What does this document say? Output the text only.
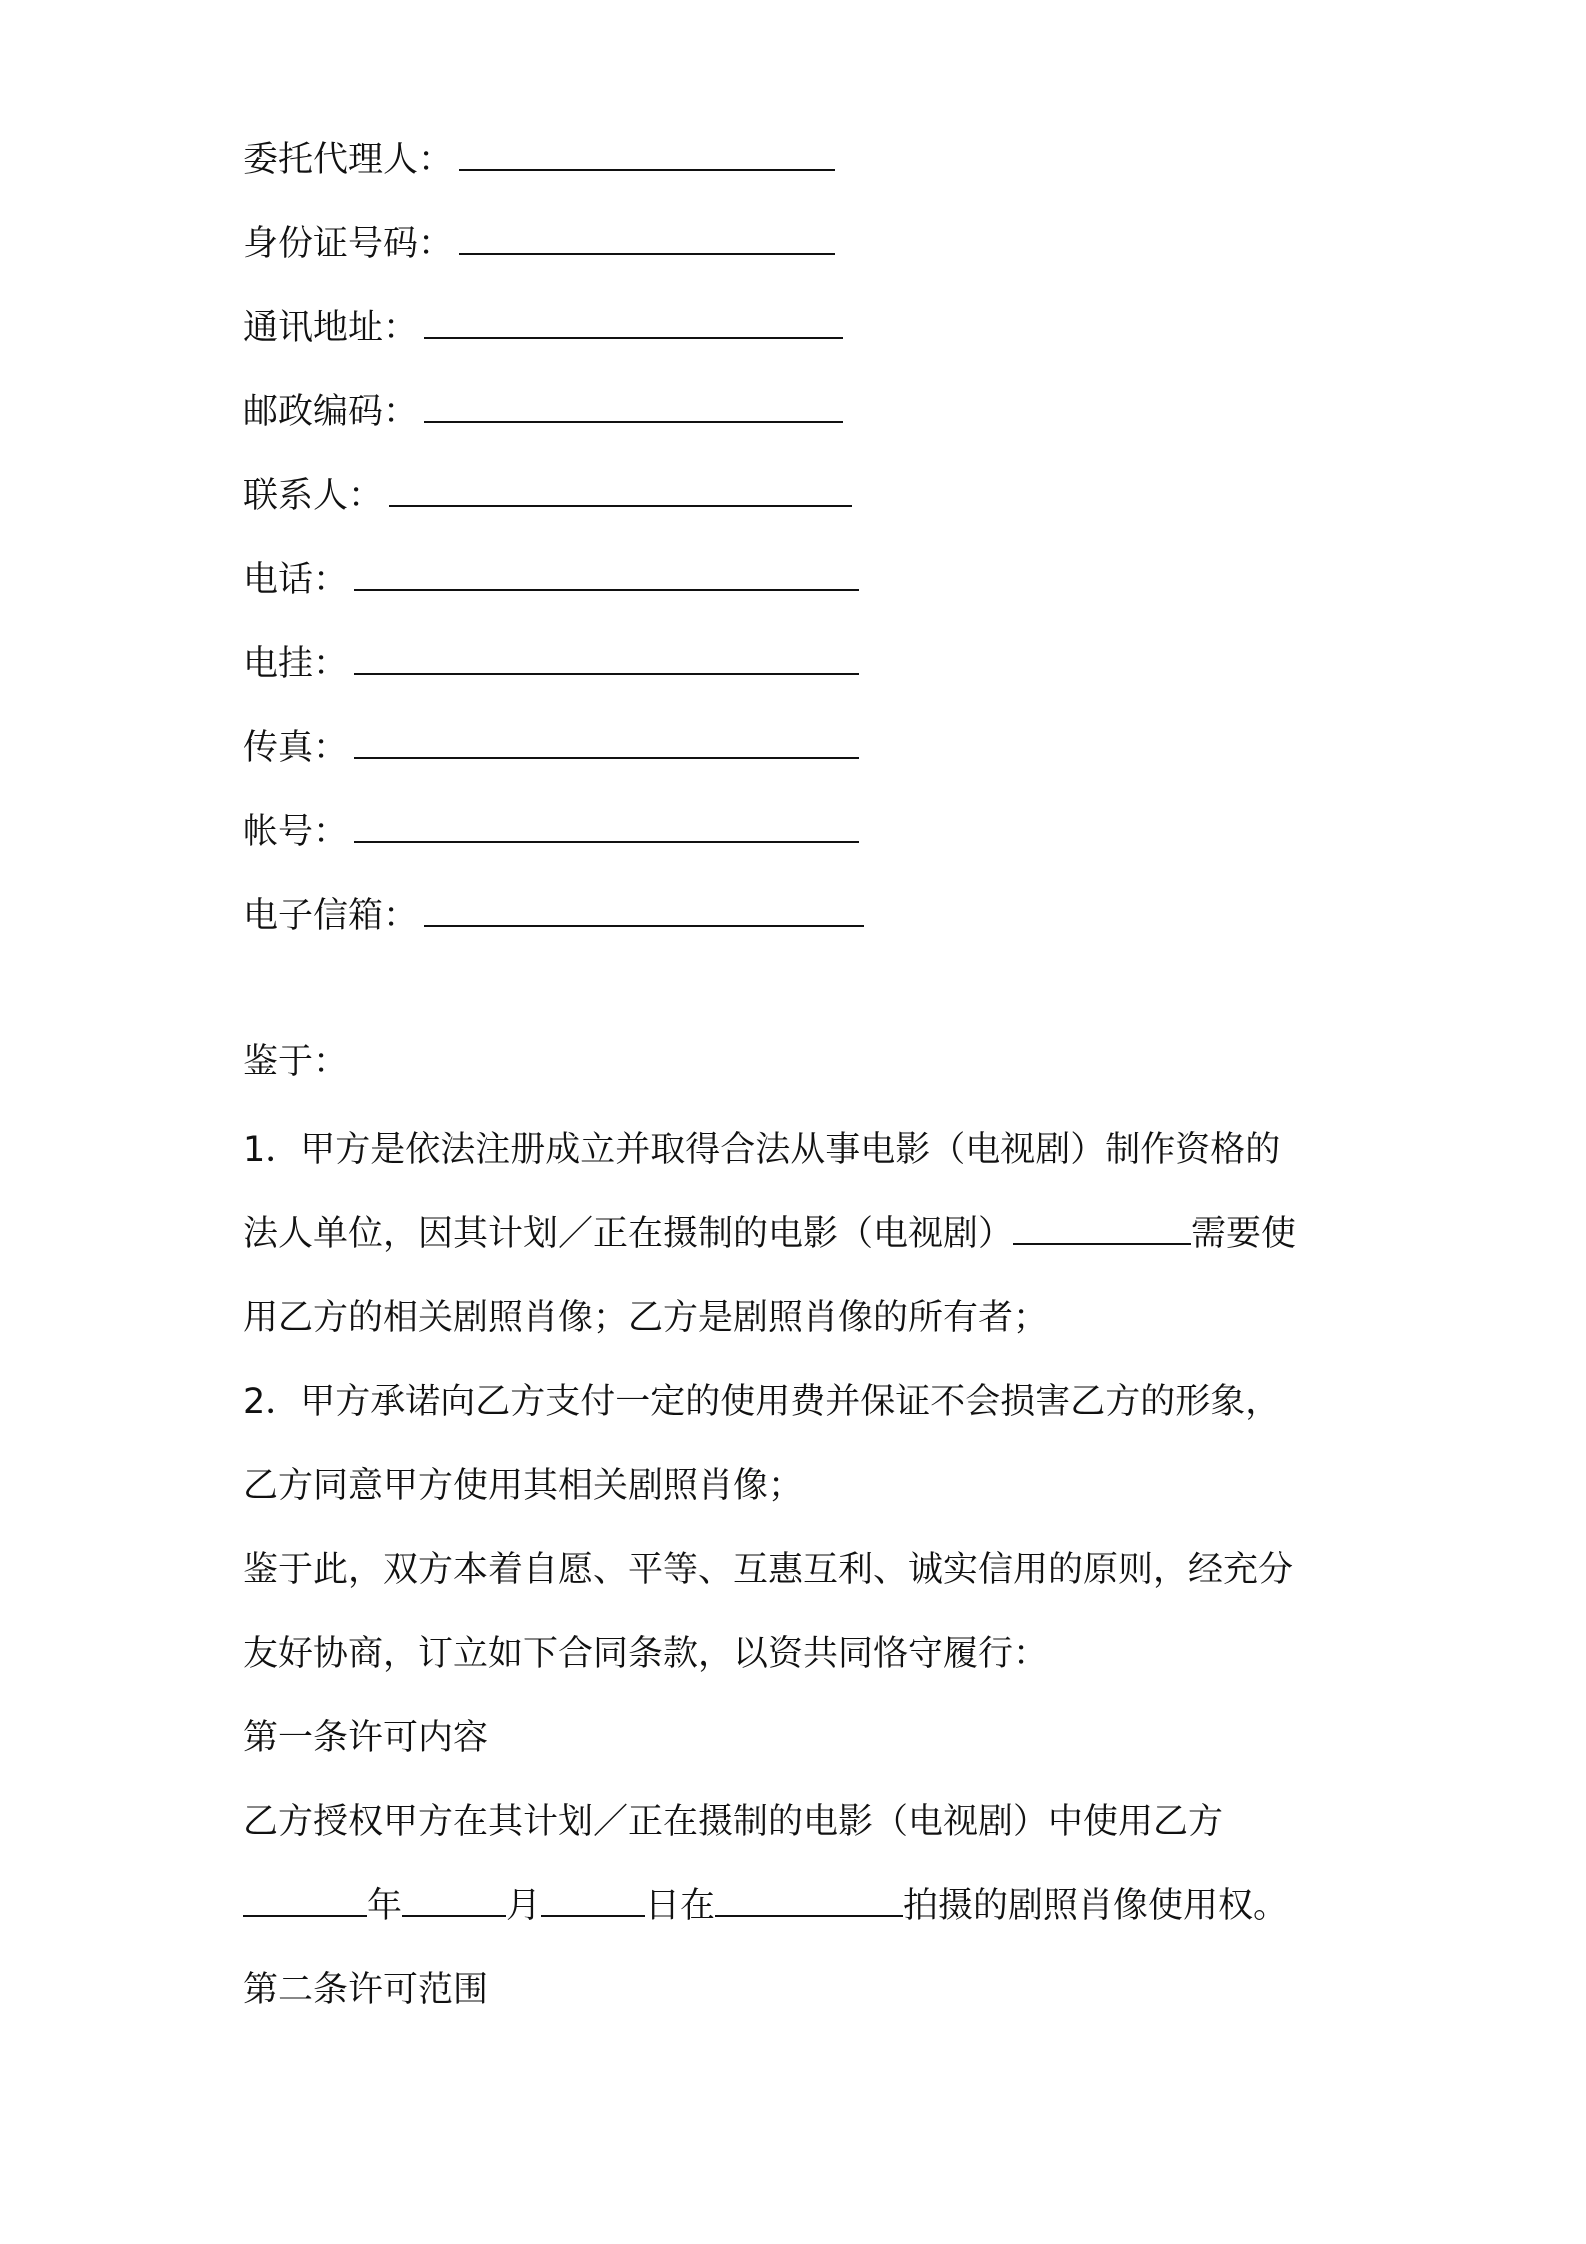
委托代理人：
身份证号码：
通讯地址：
邮政编码：
联系人：
电话：
电挂：
传真：
帐号：
电子信箱：
鉴于：
1．甲方是依法注册成立并取得合法从事电影（电视剧）制作资格的
法人单位，因其计划／正在摄制的电影（电视剧）	需要使
用乙方的相关剧照肖像；乙方是剧照肖像的所有者；
2．甲方承诺向乙方支付一定的使用费并保证不会损害乙方的形象，
乙方同意甲方使用其相关剧照肖像；
鉴于此，双方本着自愿、平等、互惠互利、诚实信用的原则，经充分
友好协商，订立如下合同条款，以资共同恪守履行：
第一条许可内容
乙方授权甲方在其计划／正在摄制的电影（电视剧）中使用乙方
年	月	日在	拍摄的剧照肖像使用权。
第二条许可范围
